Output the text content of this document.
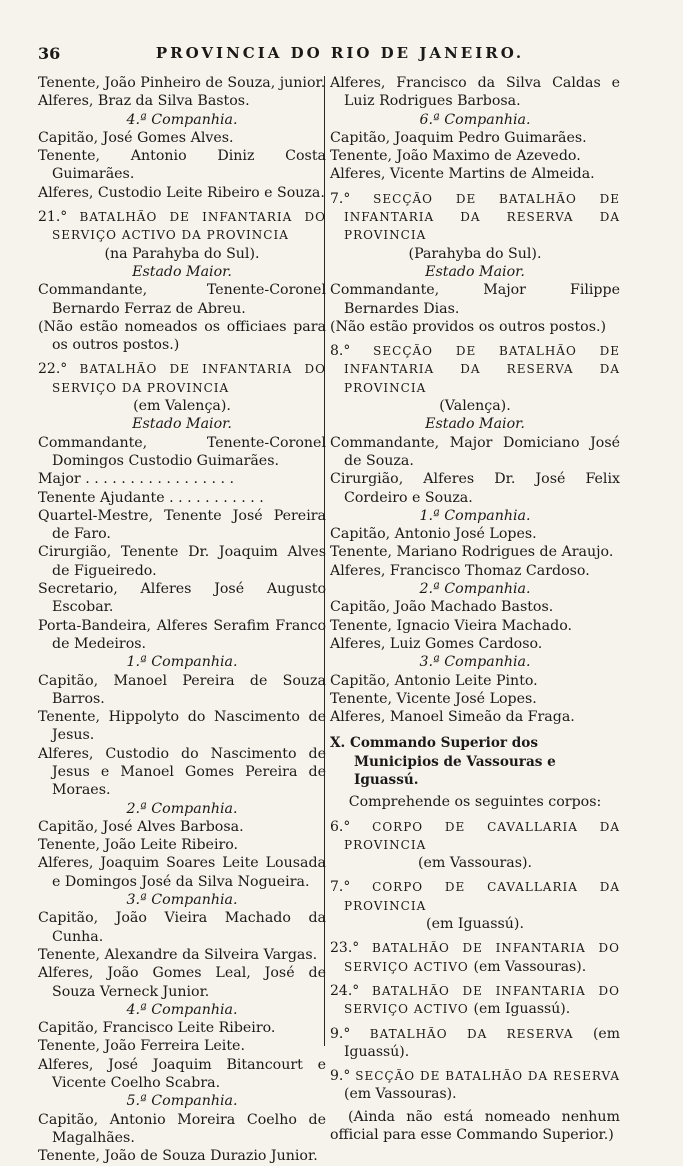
36	PROVINCIA DO RIO DE JANEIRO.

Tenente, João Pinheiro de Souza, junior.

Alferes, Braz da Silva Bastos.

4.ª Companhia.

Capitão, José Gomes Alves.

Tenente, Antonio Diniz Costa Guimarães.

Alferes, Custodio Leite Ribeiro e Souza.

21.° BATALHÃO DE INFANTARIA DO SERVIÇO ACTIVO DA PROVINCIA

(na Parahyba do Sul).

Estado Maior.

Commandante, Tenente-Coronel Bernardo Ferraz de Abreu.

(Não estão nomeados os officiaes para os outros postos.)

22.° BATALHÃO DE INFANTARIA DO SERVIÇO DA PROVINCIA

(em Valença).

Estado Maior.

Commandante, Tenente-Coronel Domingos Custodio Guimarães.

Major . . . . . . . . . . . . . . . . .

Tenente Ajudante . . . . . . . . . . .

Quartel-Mestre, Tenente José Pereira de Faro.

Cirurgião, Tenente Dr. Joaquim Alves de Figueiredo.

Secretario, Alferes José Augusto Escobar.

Porta-Bandeira, Alferes Serafim Franco de Medeiros.

1.ª Companhia.

Capitão, Manoel Pereira de Souza Barros.

Tenente, Hippolyto do Nascimento de Jesus.

Alferes, Custodio do Nascimento de Jesus e Manoel Gomes Pereira de Moraes.

2.ª Companhia.

Capitão, José Alves Barbosa.

Tenente, João Leite Ribeiro.

Alferes, Joaquim Soares Leite Lousada e Domingos José da Silva Nogueira.

3.ª Companhia.

Capitão, João Vieira Machado da Cunha.

Tenente, Alexandre da Silveira Vargas.

Alferes, João Gomes Leal, José de Souza Verneck Junior.

4.ª Companhia.

Capitão, Francisco Leite Ribeiro.

Tenente, João Ferreira Leite.

Alferes, José Joaquim Bitancourt e Vicente Coelho Scabra.

5.ª Companhia.

Capitão, Antonio Moreira Coelho de Magalhães.

Tenente, João de Souza Durazio Junior.

Alferes, Francisco da Silva Caldas e Luiz Rodrigues Barbosa.

6.ª Companhia.

Capitão, Joaquim Pedro Guimarães.

Tenente, João Maximo de Azevedo.

Alferes, Vicente Martins de Almeida.

7.° SECÇÃO DE BATALHÃO DE INFANTARIA DA RESERVA DA PROVINCIA

(Parahyba do Sul).

Estado Maior.

Commandante, Major Filippe Bernardes Dias.

(Não estão providos os outros postos.)

8.° SECÇÃO DE BATALHÃO DE INFANTARIA DA RESERVA DA PROVINCIA

(Valença).

Estado Maior.

Commandante, Major Domiciano José de Souza.

Cirurgião, Alferes Dr. José Felix Cordeiro e Souza.

1.ª Companhia.

Capitão, Antonio José Lopes.

Tenente, Mariano Rodrigues de Araujo.

Alferes, Francisco Thomaz Cardoso.

2.ª Companhia.

Capitão, João Machado Bastos.

Tenente, Ignacio Vieira Machado.

Alferes, Luiz Gomes Cardoso.

3.ª Companhia.

Capitão, Antonio Leite Pinto.

Tenente, Vicente José Lopes.

Alferes, Manoel Simeão da Fraga.

X. Commando Superior dos Municipios de Vassouras e Iguassú.

Comprehende os seguintes corpos:

6.° CORPO DE CAVALLARIA DA PROVINCIA

(em Vassouras).

7.° CORPO DE CAVALLARIA DA PROVINCIA

(em Iguassú).

23.° BATALHÃO DE INFANTARIA DO SERVIÇO ACTIVO (em Vassouras).

24.° BATALHÃO DE INFANTARIA DO SERVIÇO ACTIVO (em Iguassú).

9.° BATALHÃO DA RESERVA (em Iguassú).

9.° SECÇÃO DE BATALHÃO DA RESERVA (em Vassouras).

(Ainda não está nomeado nenhum official para esse Commando Superior.)
